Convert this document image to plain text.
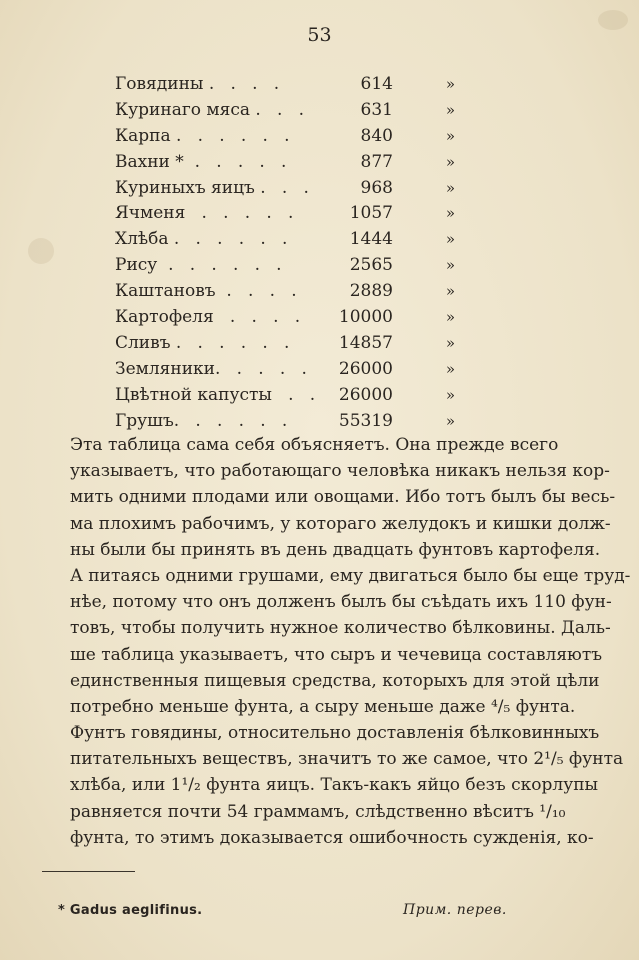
53
Говядины .   .   .   .	614	»
Куринаго мяса .   .   .	631	»
Карпа .   .   .   .   .   .	840	»
Вахни *  .   .   .   .   .	877	»
Куриныхъ яицъ .   .   .	968	»
Ячменя   .   .   .   .   .	1057	»
Хлѣба .   .   .   .   .   .	1444	»
Рису  .   .   .   .   .   .	2565	»
Каштановъ  .   .   .   .	2889	»
Картофеля   .   .   .   . 10000	»
Сливъ .   .   .   .   .   .	14857	»
Земляники.   .   .   .   . 26000	»
Цвѣтной капусты   .   . 26000	»
Грушъ.   .   .   .   .   .	55319	»
Эта таблица сама себя объясняетъ. Она прежде всего
указываетъ, что работающаго человѣка никакъ нельзя кор-
мить одними плодами или овощами. Ибо тотъ былъ бы весь-
ма плохимъ рабочимъ, у котораго желудокъ и кишки долж-
ны были бы принять въ день двадцать фунтовъ картофеля.
А питаясь одними грушами, ему двигаться было бы еще труд-
нѣе, потому что онъ долженъ былъ бы съѣдать ихъ 110 фун-
товъ, чтобы получить нужное количество бѣлковины. Даль-
ше таблица указываетъ, что сыръ и чечевица составляютъ
единственныя пищевыя средства, которыхъ для этой цѣли
потребно меньше фунта, а сыру меньше даже ⁴/₅ фунта.
Фунтъ говядины, относительно доставленія бѣлковинныхъ
питательныхъ веществъ, значитъ то же самое, что 2¹/₅ фунта
хлѣба, или 1¹/₂ фунта яицъ. Такъ-какъ яйцо безъ скорлупы
равняется почти 54 граммамъ, слѣдственно вѣситъ ¹/₁₀
фунта, то этимъ доказывается ошибочность сужденія, ко-
* Gadus aeglifinus.	Прим. перев.
